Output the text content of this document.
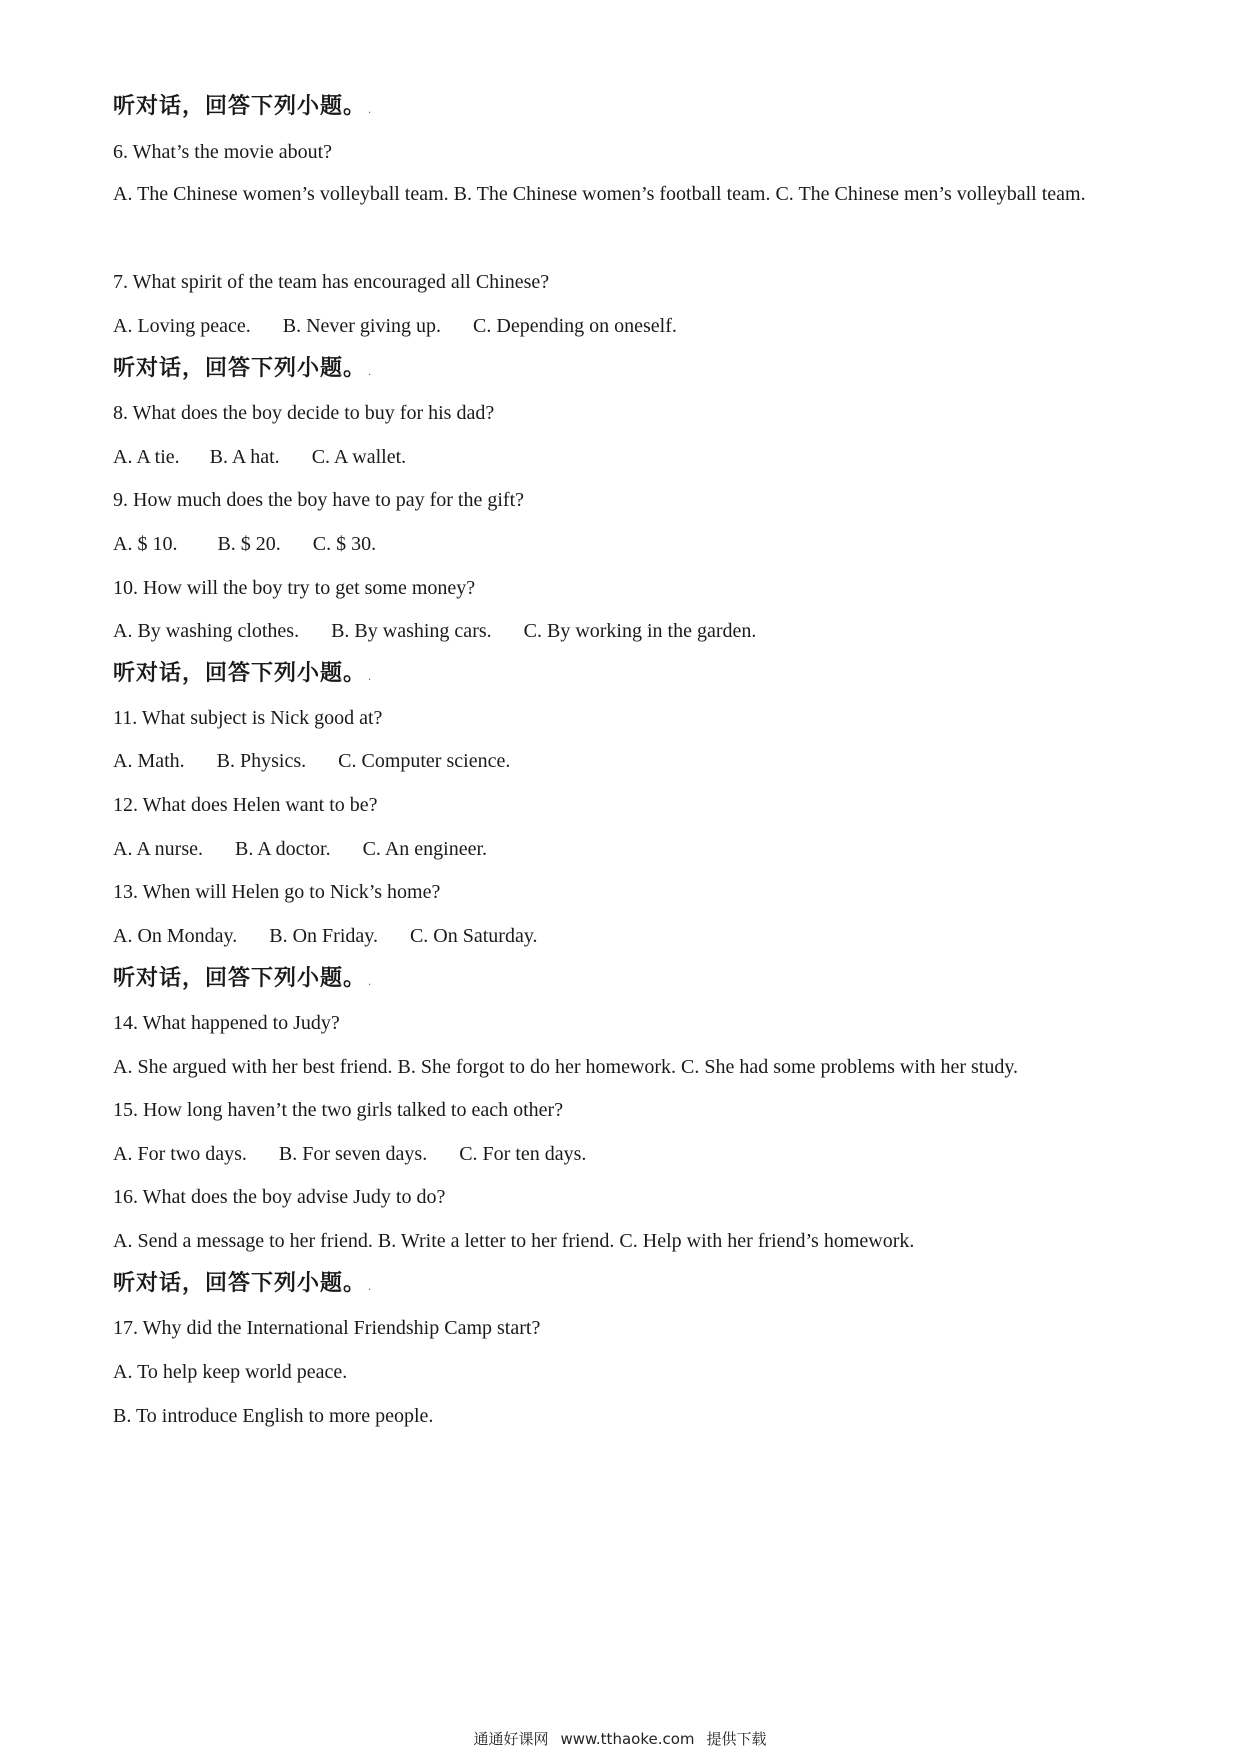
听对话，回答下列小题。 .
6. What’s the movie about?
A. The Chinese women’s volleyball team. B. The Chinese women’s football team. C. The Chinese men’s volleyball team.
7. What spirit of the team has encouraged all Chinese?
A. Loving peace. B. Never giving up. C. Depending on oneself.
听对话，回答下列小题。 .
8. What does the boy decide to buy for his dad?
A. A tie. B. A hat. C. A wallet.
9. How much does the boy have to pay for the gift?
A. $ 10. B. $ 20. C. $ 30.
10. How will the boy try to get some money?
A. By washing clothes. B. By washing cars. C. By working in the garden.
听对话，回答下列小题。 .
11. What subject is Nick good at?
A. Math. B. Physics. C. Computer science.
12. What does Helen want to be?
A. A nurse. B. A doctor. C. An engineer.
13. When will Helen go to Nick’s home?
A. On Monday. B. On Friday. C. On Saturday.
听对话，回答下列小题。 .
14. What happened to Judy?
A. She argued with her best friend. B. She forgot to do her homework. C. She had some problems with her study.
15. How long haven’t the two girls talked to each other?
A. For two days. B. For seven days. C. For ten days.
16. What does the boy advise Judy to do?
A. Send a message to her friend. B. Write a letter to her friend. C. Help with her friend’s homework.
听对话，回答下列小题。 .
17. Why did the International Friendship Camp start?
A. To help keep world peace.
B. To introduce English to more people.
通通好课网 www.tthaoke.com 提供下载
